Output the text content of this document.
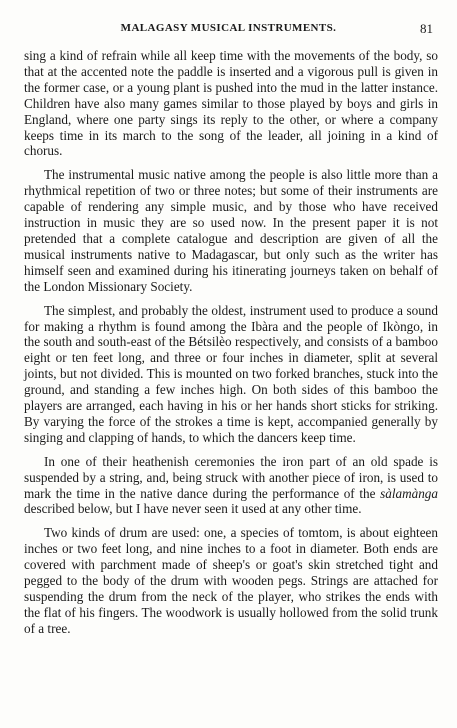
MALAGASY MUSICAL INSTRUMENTS.	81

sing a kind of refrain while all keep time with the movements of the body, so that at the accented note the paddle is inserted and a vigorous pull is given in the former case, or a young plant is pushed into the mud in the latter instance. Children have also many games similar to those played by boys and girls in England, where one party sings its reply to the other, or where a company keeps time in its march to the song of the leader, all joining in a kind of chorus.

The instrumental music native among the people is also little more than a rhythmical repetition of two or three notes; but some of their instruments are capable of rendering any simple music, and by those who have received instruction in music they are so used now. In the present paper it is not pretended that a complete catalogue and description are given of all the musical instruments native to Madagascar, but only such as the writer has himself seen and examined during his itinerating journeys taken on behalf of the London Missionary Society.

The simplest, and probably the oldest, instrument used to produce a sound for making a rhythm is found among the Ibàra and the people of Ikòngo, in the south and south-east of the Bétsilèo respectively, and consists of a bamboo eight or ten feet long, and three or four inches in diameter, split at several joints, but not divided. This is mounted on two forked branches, stuck into the ground, and standing a few inches high. On both sides of this bamboo the players are arranged, each having in his or her hands short sticks for striking. By varying the force of the strokes a time is kept, accompanied generally by singing and clapping of hands, to which the dancers keep time.

In one of their heathenish ceremonies the iron part of an old spade is suspended by a string, and, being struck with another piece of iron, is used to mark the time in the native dance during the performance of the sàlamànga described below, but I have never seen it used at any other time.

Two kinds of drum are used: one, a species of tomtom, is about eighteen inches or two feet long, and nine inches to a foot in diameter. Both ends are covered with parchment made of sheep's or goat's skin stretched tight and pegged to the body of the drum with wooden pegs. Strings are attached for suspending the drum from the neck of the player, who strikes the ends with the flat of his fingers. The woodwork is usually hollowed from the solid trunk of a tree.
